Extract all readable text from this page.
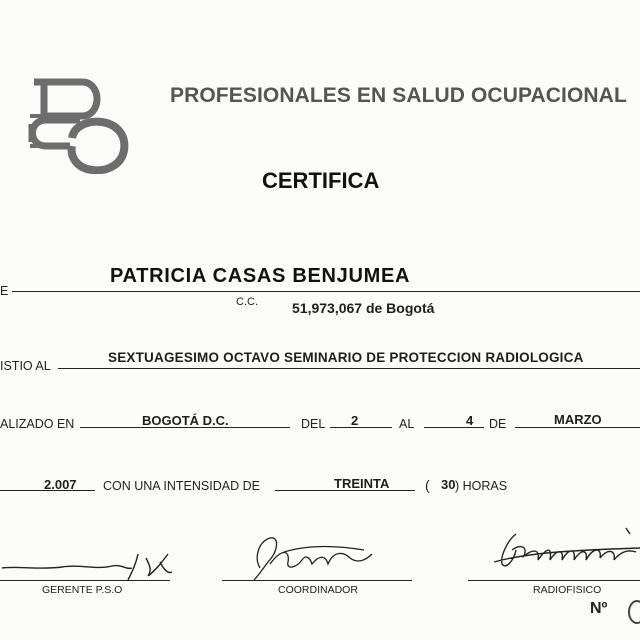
PROFESIONALES EN SALUD OCUPACIONAL
CERTIFICA
E
PATRICIA CASAS BENJUMEA
C.C. 51,973,067 de Bogotá
ISTIO AL
SEXTUAGESIMO OCTAVO SEMINARIO DE PROTECCION RADIOLOGICA
ALIZADO EN	BOGOTÁ D.C.	DEL 2	AL	4 DE	MARZO
2.007 CON UNA INTENSIDAD DE	TREINTA	( 30 ) HORAS
GERENTE P.S.O	COORDINADOR	RADIOFISICO
Nº
